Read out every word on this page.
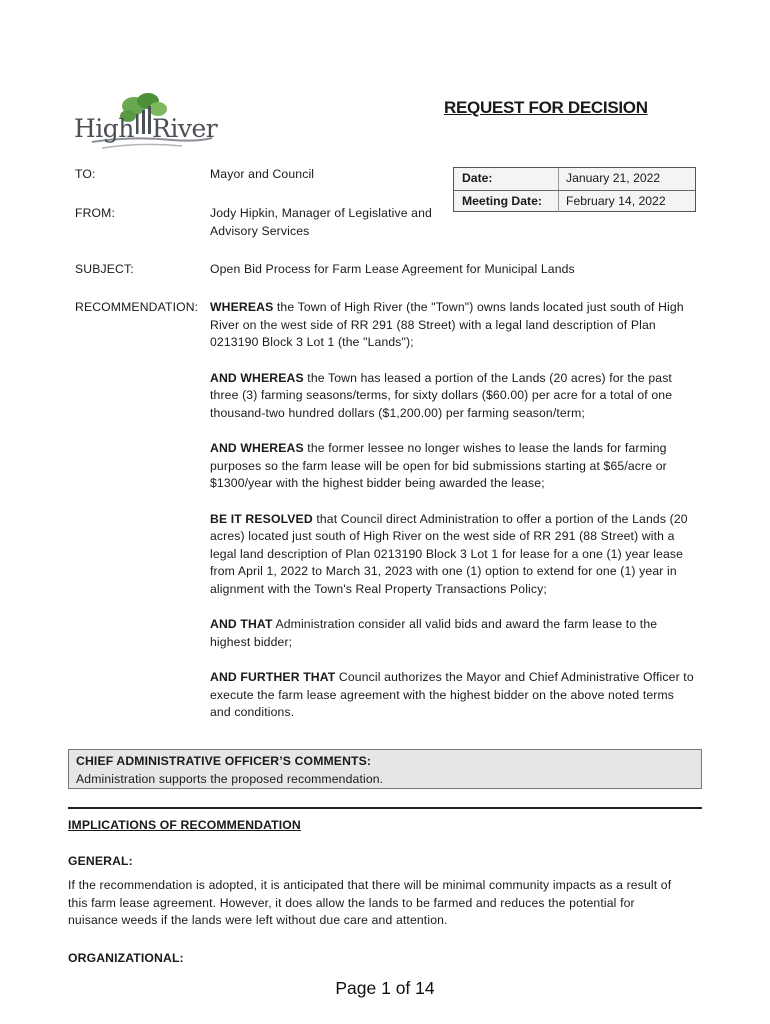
High River
REQUEST FOR DECISION
TO:	Mayor and Council	Date:	January 21, 2022
Meeting Date: February 14, 2022
FROM:	Jody Hipkin, Manager of Legislative and
Advisory Services
SUBJECT:	Open Bid Process for Farm Lease Agreement for Municipal Lands
RECOMMENDATION: WHEREAS the Town of High River (the "Town") owns lands located just south of High
River on the west side of RR 291 (88 Street) with a legal land description of Plan
0213190 Block 3 Lot 1 (the "Lands");
AND WHEREAS the Town has leased a portion of the Lands (20 acres) for the past
three (3) farming seasons/terms, for sixty dollars ($60.00) per acre for a total of one
thousand-two hundred dollars ($1,200.00) per farming season/term;
AND WHEREAS the former lessee no longer wishes to lease the lands for farming
purposes so the farm lease will be open for bid submissions starting at $65/acre or
$1300/year with the highest bidder being awarded the lease;
BE IT RESOLVED that Council direct Administration to offer a portion of the Lands (20
acres) located just south of High River on the west side of RR 291 (88 Street) with a
legal land description of Plan 0213190 Block 3 Lot 1 for lease for a one (1) year lease
from April 1, 2022 to March 31, 2023 with one (1) option to extend for one (1) year in
alignment with the Town's Real Property Transactions Policy;
AND THAT Administration consider all valid bids and award the farm lease to the
highest bidder;
AND FURTHER THAT Council authorizes the Mayor and Chief Administrative Officer to
execute the farm lease agreement with the highest bidder on the above noted terms
and conditions.
CHIEF ADMINISTRATIVE OFFICER’S COMMENTS:
Administration supports the proposed recommendation.
IMPLICATIONS OF RECOMMENDATION
GENERAL:
If the recommendation is adopted, it is anticipated that there will be minimal community impacts as a result of
this farm lease agreement. However, it does allow the lands to be farmed and reduces the potential for
nuisance weeds if the lands were left without due care and attention.
ORGANIZATIONAL:
Page 1 of 14
